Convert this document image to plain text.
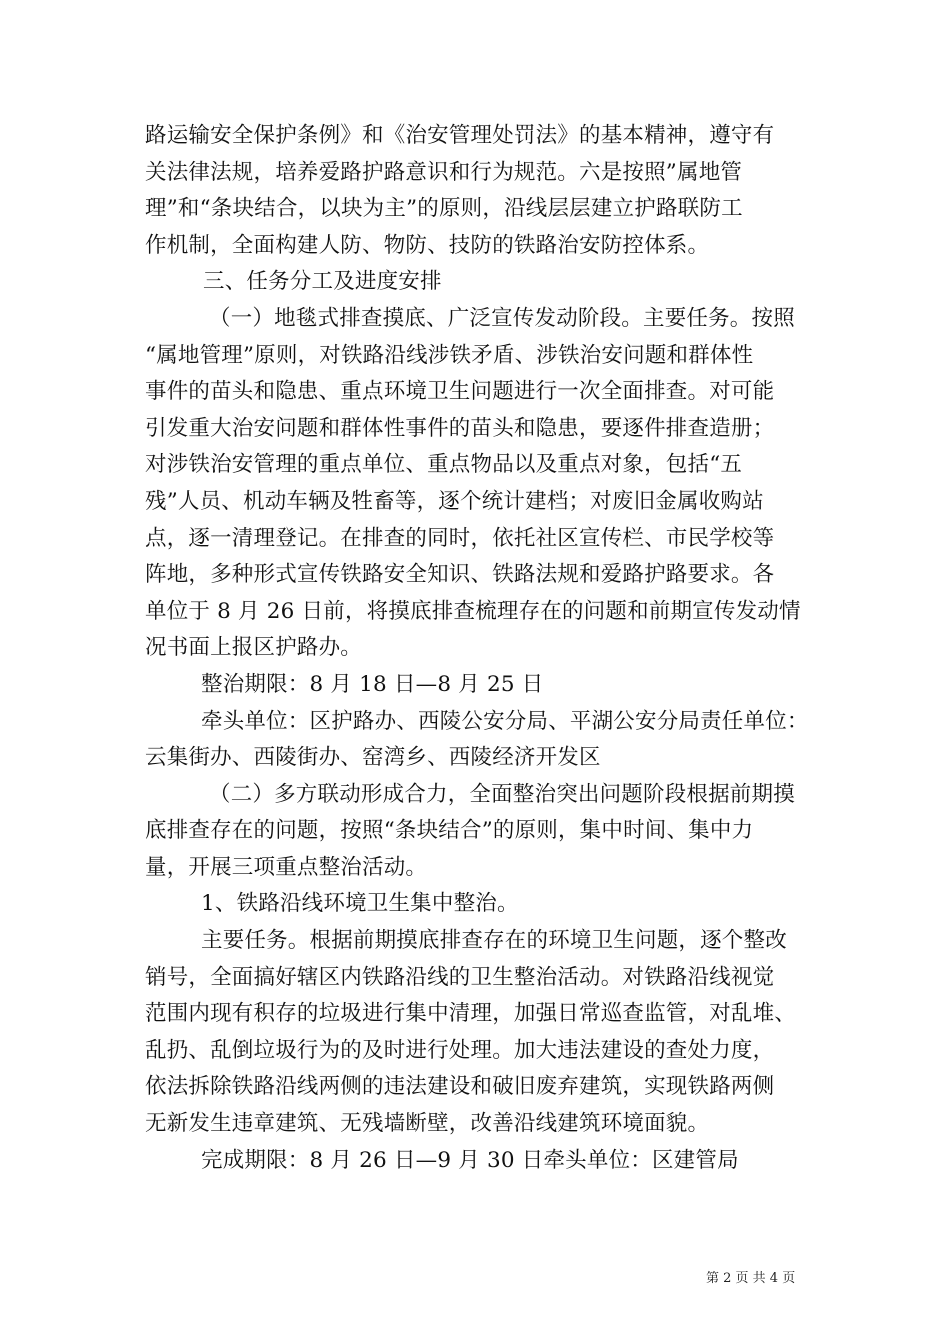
路运输安全保护条例》和《治安管理处罚法》的基本精神，遵守有

关法律法规，培养爱路护路意识和行为规范。六是按照”属地管

理”和“条块结合，以块为主”的原则，沿线层层建立护路联防工

作机制，全面构建人防、物防、技防的铁路治安防控体系。

三、任务分工及进度安排

（一）地毯式排查摸底、广泛宣传发动阶段。主要任务。按照

“属地管理”原则，对铁路沿线涉铁矛盾、涉铁治安问题和群体性

事件的苗头和隐患、重点环境卫生问题进行一次全面排查。对可能

引发重大治安问题和群体性事件的苗头和隐患，要逐件排查造册；

对涉铁治安管理的重点单位、重点物品以及重点对象，包括“五

残”人员、机动车辆及牲畜等，逐个统计建档；对废旧金属收购站

点，逐一清理登记。在排查的同时，依托社区宣传栏、市民学校等

阵地，多种形式宣传铁路安全知识、铁路法规和爱路护路要求。各

单位于 8 月 26 日前，将摸底排查梳理存在的问题和前期宣传发动情

况书面上报区护路办。

整治期限：8 月 18 日—8 月 25 日

牵头单位：区护路办、西陵公安分局、平湖公安分局责任单位：

云集街办、西陵街办、窑湾乡、西陵经济开发区

（二）多方联动形成合力，全面整治突出问题阶段根据前期摸

底排查存在的问题，按照“条块结合”的原则，集中时间、集中力

量，开展三项重点整治活动。

1、铁路沿线环境卫生集中整治。

主要任务。根据前期摸底排查存在的环境卫生问题，逐个整改

销号，全面搞好辖区内铁路沿线的卫生整治活动。对铁路沿线视觉

范围内现有积存的垃圾进行集中清理，加强日常巡查监管，对乱堆、

乱扔、乱倒垃圾行为的及时进行处理。加大违法建设的查处力度，

依法拆除铁路沿线两侧的违法建设和破旧废弃建筑，实现铁路两侧

无新发生违章建筑、无残墙断壁，改善沿线建筑环境面貌。

完成期限：8 月 26 日—9 月 30 日牵头单位：区建管局

第 2 页 共 4 页
